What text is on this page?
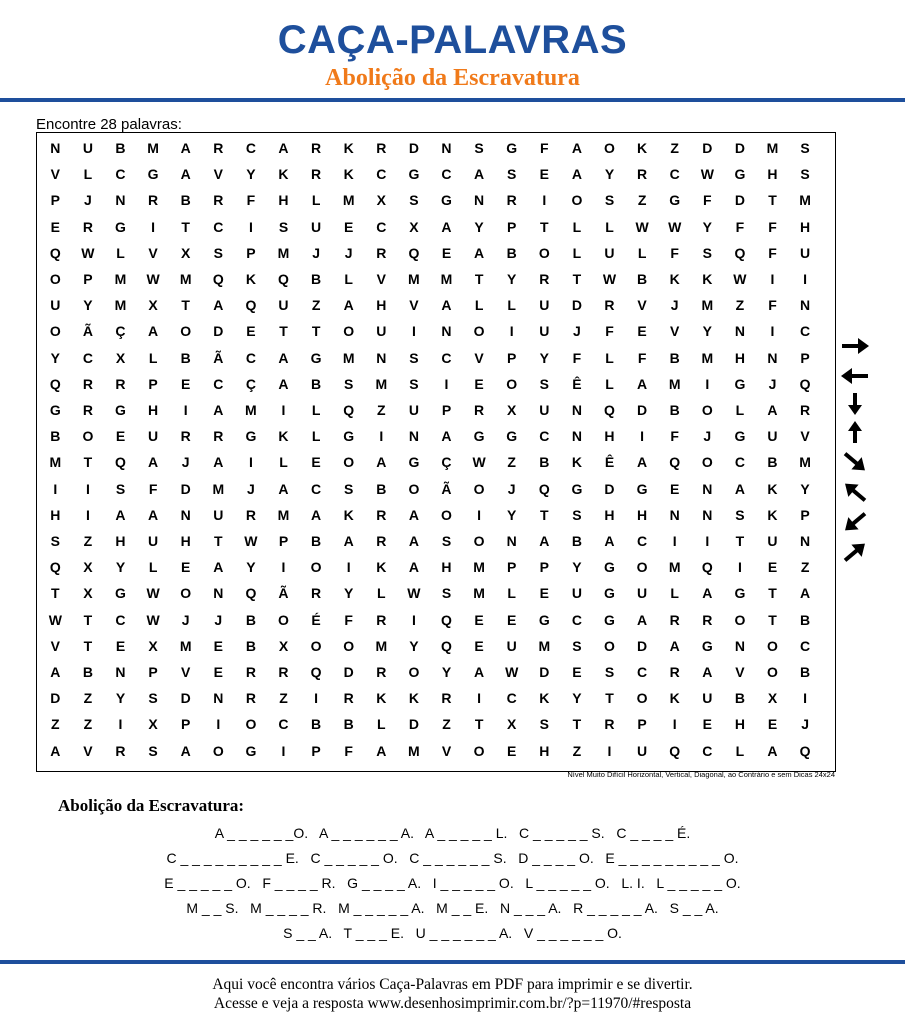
CAÇA-PALAVRAS
Abolição da Escravatura
Encontre 28 palavras:
N	U	B	M	A	R	C	A	R	K	R	D	N	S	G	F	A	O	K	Z	D	D	M	S
V	L	C	G	A	V	Y	K	R	K	C	G	C	A	S	E	A	Y	R	C	W	G	H	S
P	J	N	R	B	R	F	H	L	M	X	S	G	N	R	I	O	S	Z	G	F	D	T	M
E	R	G	I	T	C	I	S	U	E	C	X	A	Y	P	T	L	L	W	W	Y	F	F	H
Q	W	L	V	X	S	P	M	J	J	R	Q	E	A	B	O	L	U	L	F	S	Q	F	U
O	P	M	W	M	Q	K	Q	B	L	V	M	M	T	Y	R	T	W	B	K	K	W	I	I
U	Y	M	X	T	A	Q	U	Z	A	H	V	A	L	L	U	D	R	V	J	M	Z	F	N
O	Ã	Ç	A	O	D	E	T	T	O	U	I	N	O	I	U	J	F	E	V	Y	N	I	C
Y	C	X	L	B	Ã	C	A	G	M	N	S	C	V	P	Y	F	L	F	B	M	H	N	P
Q	R	R	P	E	C	Ç	A	B	S	M	S	I	E	O	S	Ê	L	A	M	I	G	J	Q
G	R	G	H	I	A	M	I	L	Q	Z	U	P	R	X	U	N	Q	D	B	O	L	A	R
B	O	E	U	R	R	G	K	L	G	I	N	A	G	G	C	N	H	I	F	J	G	U	V
M	T	Q	A	J	A	I	L	E	O	A	G	Ç	W	Z	B	K	Ê	A	Q	O	C	B	M
I	I	S	F	D	M	J	A	C	S	B	O	Ã	O	J	Q	G	D	G	E	N	A	K	Y
H	I	A	A	N	U	R	M	A	K	R	A	O	I	Y	T	S	H	H	N	N	S	K	P
S	Z	H	U	H	T	W	P	B	A	R	A	S	O	N	A	B	A	C	I	I	T	U	N
Q	X	Y	L	E	A	Y	I	O	I	K	A	H	M	P	P	Y	G	O	M	Q	I	E	Z
T	X	G	W	O	N	Q	Ã	R	Y	L	W	S	M	L	E	U	G	U	L	A	G	T	A
W	T	C	W	J	J	B	O	É	F	R	I	Q	E	E	G	C	G	A	R	R	O	T	B
V	T	E	X	M	E	B	X	O	O	M	Y	Q	E	U	M	S	O	D	A	G	N	O	C
A	B	N	P	V	E	R	R	Q	D	R	O	Y	A	W	D	E	S	C	R	A	V	O	B
D	Z	Y	S	D	N	R	Z	I	R	K	K	R	I	C	K	Y	T	O	K	U	B	X	I
Z	Z	I	X	P	I	O	C	B	B	L	D	Z	T	X	S	T	R	P	I	E	H	E	J
A	V	R	S	A	O	G	I	P	F	A	M	V	O	E	H	Z	I	U	Q	C	L	A	Q
Nível Muito Difícil Horizontal, Vertical, Diagonal, ao Contrário e sem Dicas 24x24
Abolição da Escravatura:
A _ _ _ _ _ _O.   A _ _ _ _ _ _ A.   A _ _ _ _ _ L.   C _ _ _ _ _ S.   C _ _ _ _ É.
C _ _ _ _ _ _ _ _ _ E.   C _ _ _ _ _ O.   C _ _ _ _ _ _ S.   D _ _ _ _ O.   E _ _ _ _ _ _ _ _ _ O.
E _ _ _ _ _ O.   F _ _ _ _ R.   G _ _ _ _ A.   I _ _ _ _ _ O.   L _ _ _ _ _ O.   L. I.   L _ _ _ _ _ O.
M _ _ S.   M _ _ _ _ R.   M _ _ _ _ _ A.   M _ _ E.   N _ _ _ A.   R _ _ _ _ _ A.   S _ _ A.
S _ _ A.   T _ _ _ E.   U _ _ _ _ _ _ A.   V _ _ _ _ _ _ O.
Aqui você encontra vários Caça-Palavras em PDF para imprimir e se divertir.
Acesse e veja a resposta www.desenhosimprimir.com.br/?p=11970/#resposta
